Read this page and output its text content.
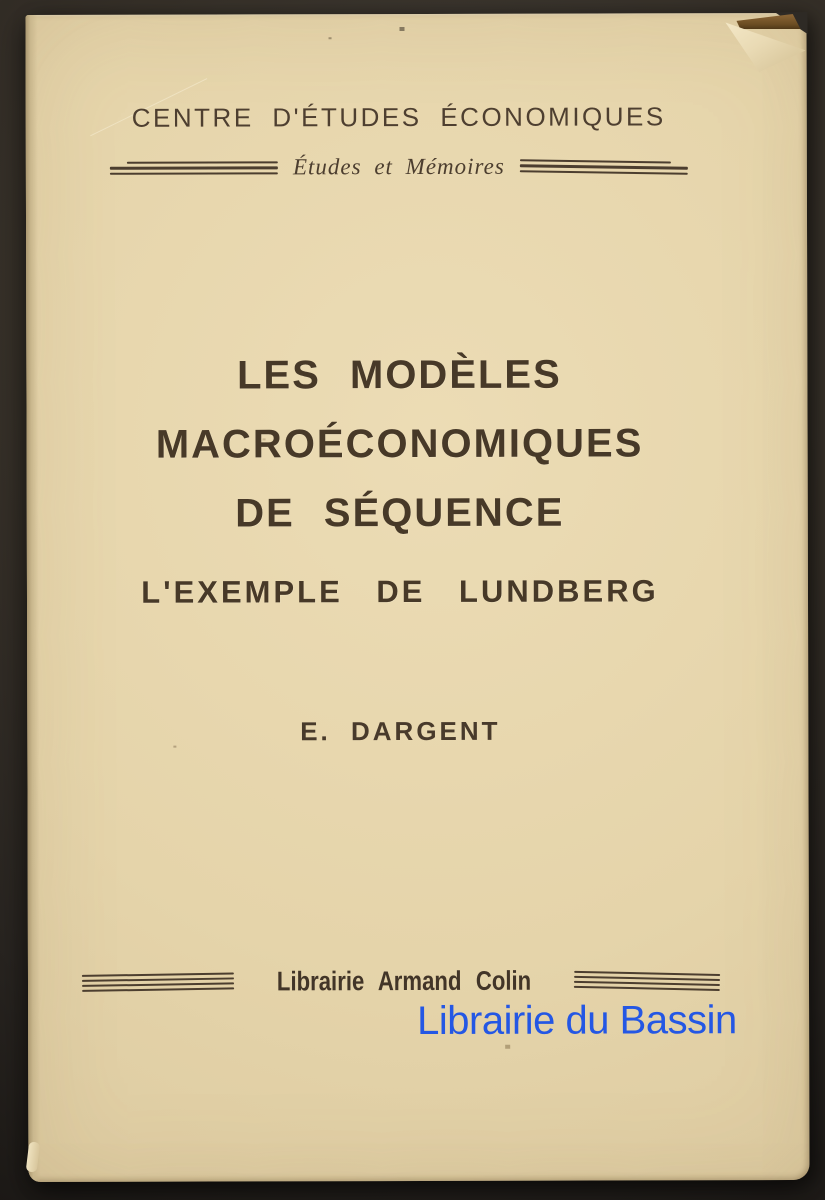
CENTRE D'ÉTUDES ÉCONOMIQUES
Études et Mémoires
LES MODÈLES
MACROÉCONOMIQUES
DE SÉQUENCE
L'EXEMPLE DE LUNDBERG
E. DARGENT
Librairie Armand Colin
Librairie du Bassin
